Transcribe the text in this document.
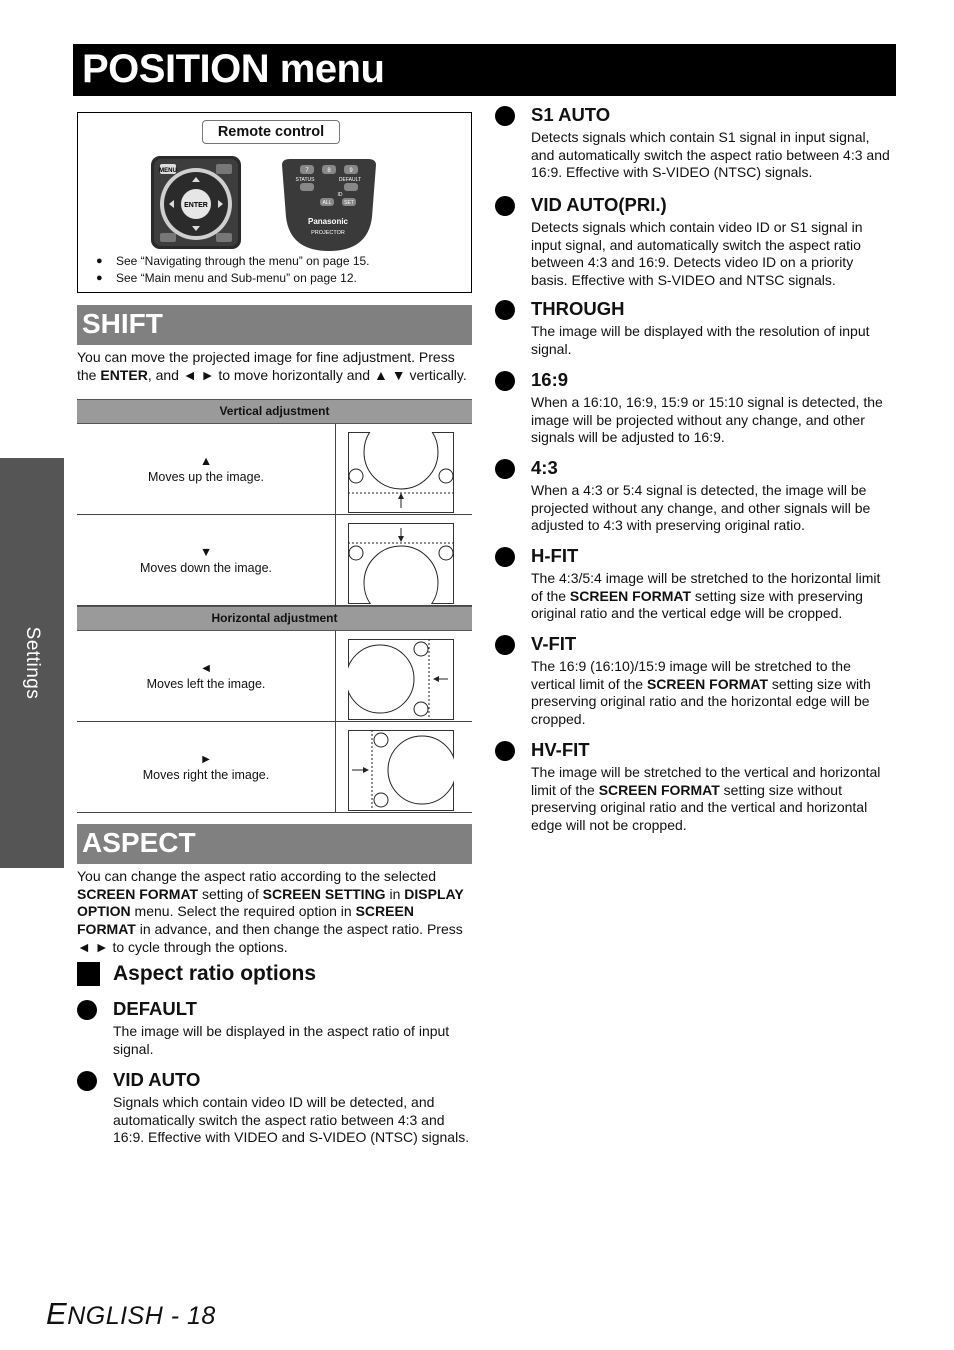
POSITION menu
Settings
Remote control
MENU
ENTER
7	8	9
STATUS	DEFAULT
ID
ALL	SET
Panasonic
PROJECTOR
● See “Navigating through the menu” on page 15.
● See “Main menu and Sub-menu” on page 12.
SHIFT
You can move the projected image for fine adjustment. Press the ENTER, and ◄ ► to move horizontally and ▲ ▼ vertically.
Vertical adjustment
▲
Moves up the image.
▼
Moves down the image.
Horizontal adjustment
◄
Moves left the image.
►
Moves right the image.
ASPECT
You can change the aspect ratio according to the selected SCREEN FORMAT setting of SCREEN SETTING in DISPLAY OPTION menu. Select the required option in SCREEN FORMAT in advance, and then change the aspect ratio. Press ◄ ► to cycle through the options.
Aspect ratio options
DEFAULT

The image will be displayed in the aspect ratio of input signal.

VID AUTO

Signals which contain video ID will be detected, and automatically switch the aspect ratio between 4:3 and 16:9. Effective with VIDEO and S-VIDEO (NTSC) signals.

S1 AUTO

Detects signals which contain S1 signal in input signal, and automatically switch the aspect ratio between 4:3 and 16:9. Effective with S-VIDEO (NTSC) signals.

VID AUTO(PRI.)

Detects signals which contain video ID or S1 signal in input signal, and automatically switch the aspect ratio between 4:3 and 16:9. Detects video ID on a priority basis. Effective with S-VIDEO and NTSC signals.

THROUGH

The image will be displayed with the resolution of input signal.

16:9

When a 16:10, 16:9, 15:9 or 15:10 signal is detected, the image will be projected without any change, and other signals will be adjusted to 16:9.

4:3

When a 4:3 or 5:4 signal is detected, the image will be projected without any change, and other signals will be adjusted to 4:3 with preserving original ratio.

H-FIT

The 4:3/5:4 image will be stretched to the horizontal limit of the SCREEN FORMAT setting size with preserving original ratio and the vertical edge will be cropped.

V-FIT

The 16:9 (16:10)/15:9 image will be stretched to the vertical limit of the SCREEN FORMAT setting size with preserving original ratio and the horizontal edge will be cropped.

HV-FIT

The image will be stretched to the vertical and horizontal limit of the SCREEN FORMAT setting size without preserving original ratio and the vertical and horizontal edge will not be cropped.

ENGLISH - 18
